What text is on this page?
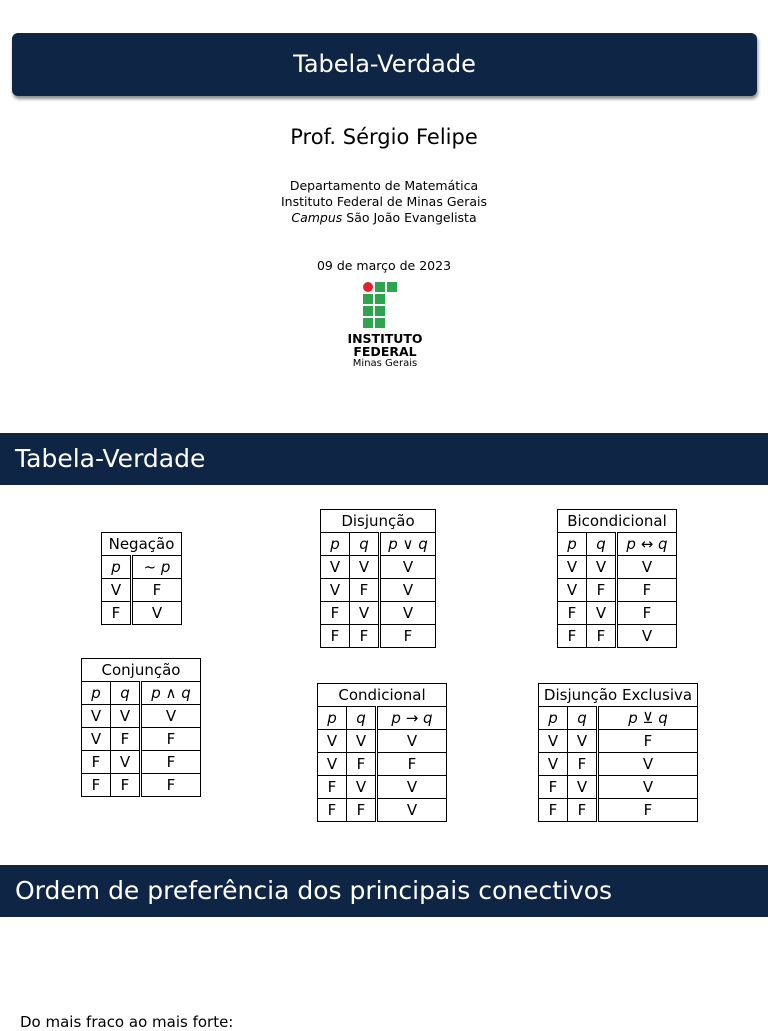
Tabela-Verdade
Prof. Sérgio Felipe
Departamento de Matemática
Instituto Federal de Minas Gerais
Campus São João Evangelista
09 de março de 2023
INSTITUTO
FEDERAL
Minas Gerais
Tabela-Verdade
Negação	
p	~ p
V	F
F	V
Disjunção		
p	q	p ∨ q
V	V	V
V	F	V
F	V	V
F	F	F
Bicondicional		
p	q	p ↔ q
V	V	V
V	F	F
F	V	F
F	F	V
Conjunção		
p	q	p ∧ q
V	V	V
V	F	F
F	V	F
F	F	F
Condicional		
p	q	p → q
V	V	V
V	F	F
F	V	V
F	F	V
Disjunção Exclusiva		
p	q	p ⊻ q
V	V	F
V	F	V
F	V	V
F	F	F
Ordem de preferência dos principais conectivos
Do mais fraco ao mais forte:
